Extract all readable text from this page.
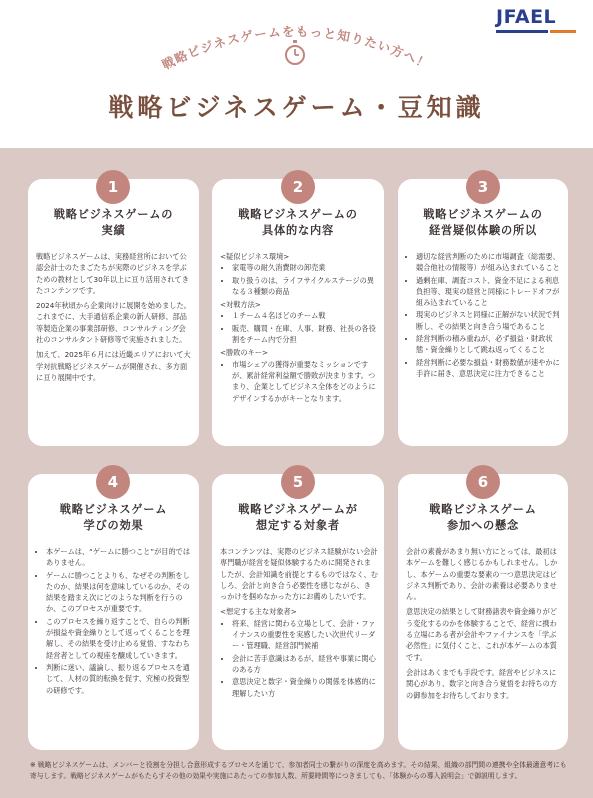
JFAEL
戦略ビジネスゲームをもっと知りたい方へ！
戦略ビジネスゲーム・豆知識
1
戦略ビジネスゲームの
実績

戦略ビジネスゲームは、実務経営所において公認会計士のたまごたちが実際のビジネスを学ぶための教材として30年以上に亘り活用されてきたコンテンツです。

2024年秋頃から企業向けに展開を始めました。これまでに、大手通信系企業の新人研修、部品等製造企業の事業部研修、コンサルティング会社のコンサルタント研修等で実施されました。

加えて、2025年６月には近畿エリアにおいて大学対抗戦略ビジネスゲームが開催され、多方面に亘り展開中です。

2
戦略ビジネスゲームの
具体的な内容
<疑似ビジネス環境>
• 家電等の耐久消費財の卸売業
• 取り扱うのは、ライフサイクルステージの異なる３種類の商品
<対戦方法>
• １チーム４名ほどのチーム戦
• 販売、購買・在庫、人事、財務、社長の各役割をチーム内で分担
<勝敗のキー>
• 市場シェアの獲得が重要なミッションですが、累計経常利益額で勝敗が決まります。つまり、企業としてビジネス全体をどのようにデザインするかがキーとなります。
3
戦略ビジネスゲームの
経営疑似体験の所以
• 適切な経営判断のために市場調査（総需要、競合他社の情報等）が組み込まれていること
• 過剰在庫、調査コスト、資金不足による利息負担等、現実の経営と同様にトレードオフが組み込まれていること
• 現実のビジネスと同様に正解がない状況で判断し、その結果と向き合う場であること
• 経営判断の積み重ねが、必ず損益・財政状態・資金繰りとして跳ね返ってくること
• 経営判断に必要な損益・財務数値が速やかに手許に届き、意思決定に注力できること
4
戦略ビジネスゲーム
学びの効果
• 本ゲームは、“ゲームに勝つこと”が目的ではありません。
• ゲームに勝つことよりも、なぜその判断をしたのか、結果は何を意味しているのか、その結果を踏まえ次にどのような判断を行うのか、このプロセスが重要です。
• このプロセスを繰り返すことで、自らの判断が損益や資金繰りとして返ってくることを理解し、その結果を受け止める覚悟、すなわち経営者としての視座を醸成していきます。
• 判断に迷い、議論し、振り返るプロセスを通じて、人材の質的転換を促す、究極の投資型の研修です。
5
戦略ビジネスゲームが
想定する対象者

本コンテンツは、実際のビジネス経験がない会計専門職が経営を疑似体験するために開発されましたが、会計知識を前提とするものではなく、むしろ、会計と向き合う必要性を感じながら、きっかけを掴めなかった方にお薦めしたいです。

<想定する主な対象者>
• 将来、経営に関わる立場として、会計・ファイナンスの重要性を実感したい次世代リーダー・管理職、経営部門候補
• 会計に苦手意識はあるが、経営や事業に関心のある方
• 意思決定と数字・資金繰りの関係を体感的に理解したい方
6
戦略ビジネスゲーム
参加への懸念

会計の素養があまり無い方にとっては、最初は本ゲームを難しく感じるかもしれません。しかし、本ゲームの重要な要素の一つ意思決定はビジネス判断であり、会計の素養は必要ありません。

意思決定の結果として財務諸表や資金繰りがどう変化するのかを体験することで、経営に携わる立場にある者が会計やファイナンスを「学ぶ必然性」に気付くこと、これが本ゲームの本質です。

会計はあくまでも手段です。経営やビジネスに関心があり、数字と向き合う覚悟をお持ちの方の御参加をお待ちしております。

※ 戦略ビジネスゲームは、メンバーと役割を分担し合意形成するプロセスを通じて、参加者同士の繋がりの深度を高めます。その結果、組織の部門間の連携や全体最適意考にも寄与します。戦略ビジネスゲームがもたらすその他の効果や実施にあたっての参加人数、所要時間等につきましても、「体験からの導入説明会」で御説明します。
